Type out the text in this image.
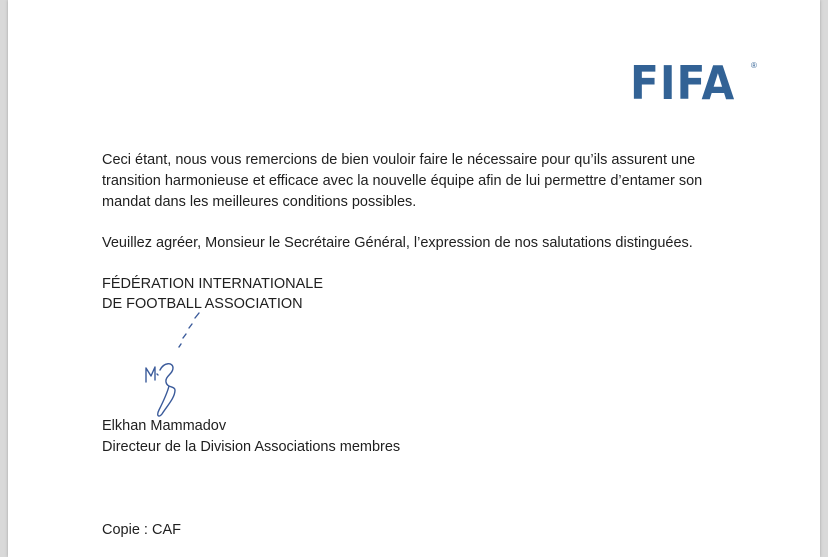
FIFA ®
Ceci étant, nous vous remercions de bien vouloir faire le nécessaire pour qu’ils assurent une
transition harmonieuse et efficace avec la nouvelle équipe afin de lui permettre d’entamer son
mandat dans les meilleures conditions possibles.
Veuillez agréer, Monsieur le Secrétaire Général, l’expression de nos salutations distinguées.
FÉDÉRATION INTERNATIONALE
DE FOOTBALL ASSOCIATION
Elkhan Mammadov
Directeur de la Division Associations membres
Copie : CAF
